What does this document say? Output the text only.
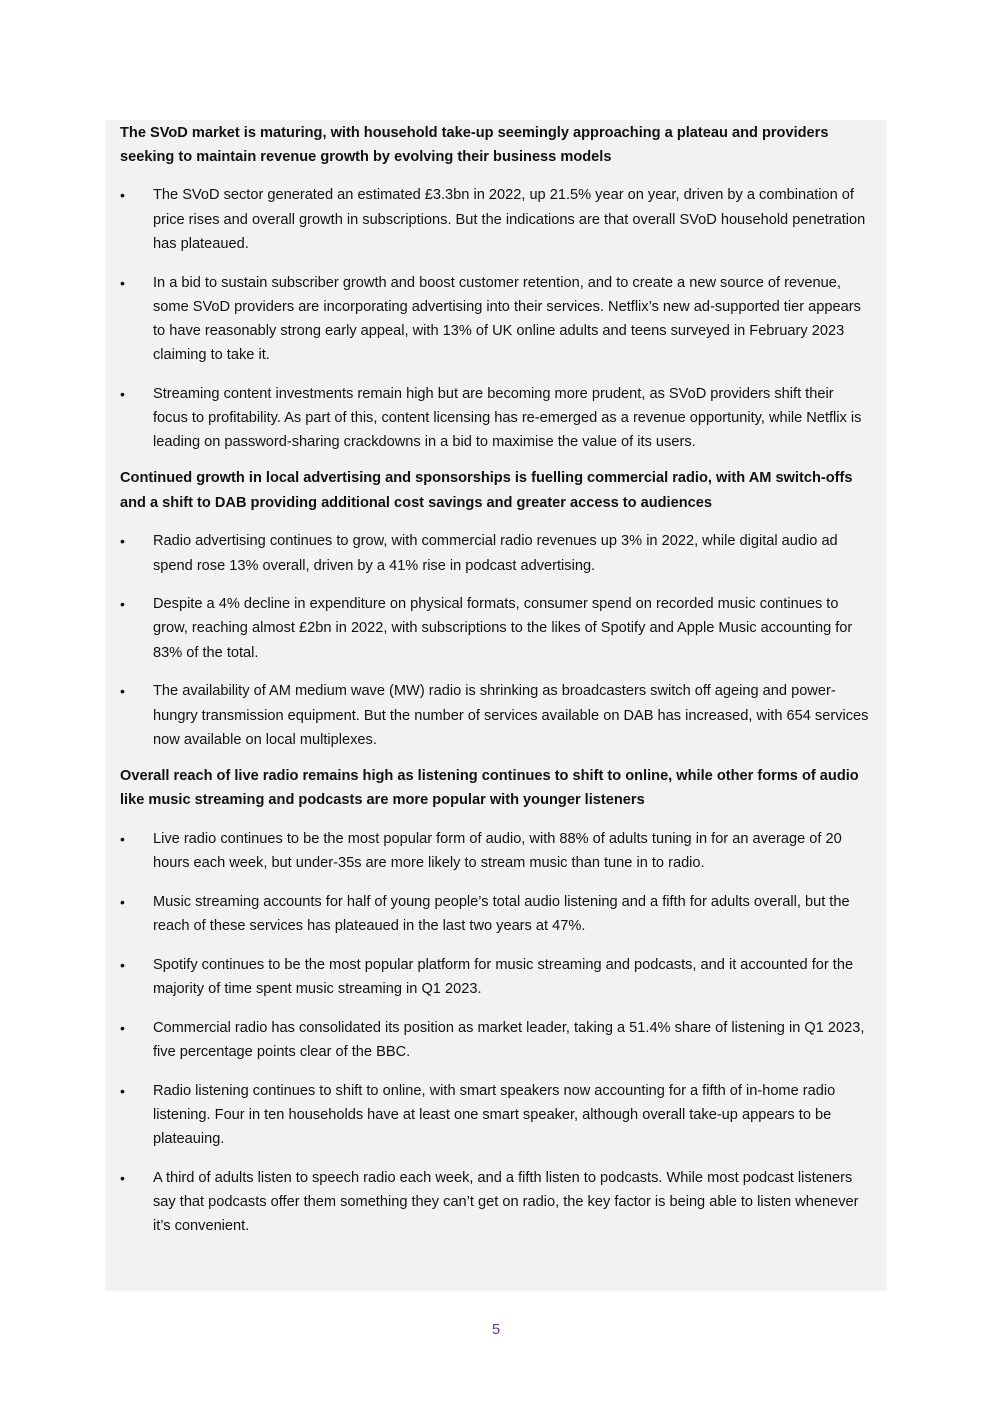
The SVoD market is maturing, with household take-up seemingly approaching a plateau and providers seeking to maintain revenue growth by evolving their business models

•	The SVoD sector generated an estimated £3.3bn in 2022, up 21.5% year on year, driven by a combination of price rises and overall growth in subscriptions. But the indications are that overall SVoD household penetration has plateaued.
•	In a bid to sustain subscriber growth and boost customer retention, and to create a new source of revenue, some SVoD providers are incorporating advertising into their services. Netflix’s new ad-supported tier appears to have reasonably strong early appeal, with 13% of UK online adults and teens surveyed in February 2023 claiming to take it.
•	Streaming content investments remain high but are becoming more prudent, as SVoD providers shift their focus to profitability. As part of this, content licensing has re-emerged as a revenue opportunity, while Netflix is leading on password-sharing crackdowns in a bid to maximise the value of its users.

Continued growth in local advertising and sponsorships is fuelling commercial radio, with AM switch-offs and a shift to DAB providing additional cost savings and greater access to audiences

•	Radio advertising continues to grow, with commercial radio revenues up 3% in 2022, while digital audio ad spend rose 13% overall, driven by a 41% rise in podcast advertising.
•	Despite a 4% decline in expenditure on physical formats, consumer spend on recorded music continues to grow, reaching almost £2bn in 2022, with subscriptions to the likes of Spotify and Apple Music accounting for 83% of the total.
•	The availability of AM medium wave (MW) radio is shrinking as broadcasters switch off ageing and power-hungry transmission equipment. But the number of services available on DAB has increased, with 654 services now available on local multiplexes.

Overall reach of live radio remains high as listening continues to shift to online, while other forms of audio like music streaming and podcasts are more popular with younger listeners

•	Live radio continues to be the most popular form of audio, with 88% of adults tuning in for an average of 20 hours each week, but under-35s are more likely to stream music than tune in to radio.
•	Music streaming accounts for half of young people’s total audio listening and a fifth for adults overall, but the reach of these services has plateaued in the last two years at 47%.
•	Spotify continues to be the most popular platform for music streaming and podcasts, and it accounted for the majority of time spent music streaming in Q1 2023.
•	Commercial radio has consolidated its position as market leader, taking a 51.4% share of listening in Q1 2023, five percentage points clear of the BBC.
•	Radio listening continues to shift to online, with smart speakers now accounting for a fifth of in-home radio listening. Four in ten households have at least one smart speaker, although overall take-up appears to be plateauing.
•	A third of adults listen to speech radio each week, and a fifth listen to podcasts. While most podcast listeners say that podcasts offer them something they can’t get on radio, the key factor is being able to listen whenever it’s convenient.
5
